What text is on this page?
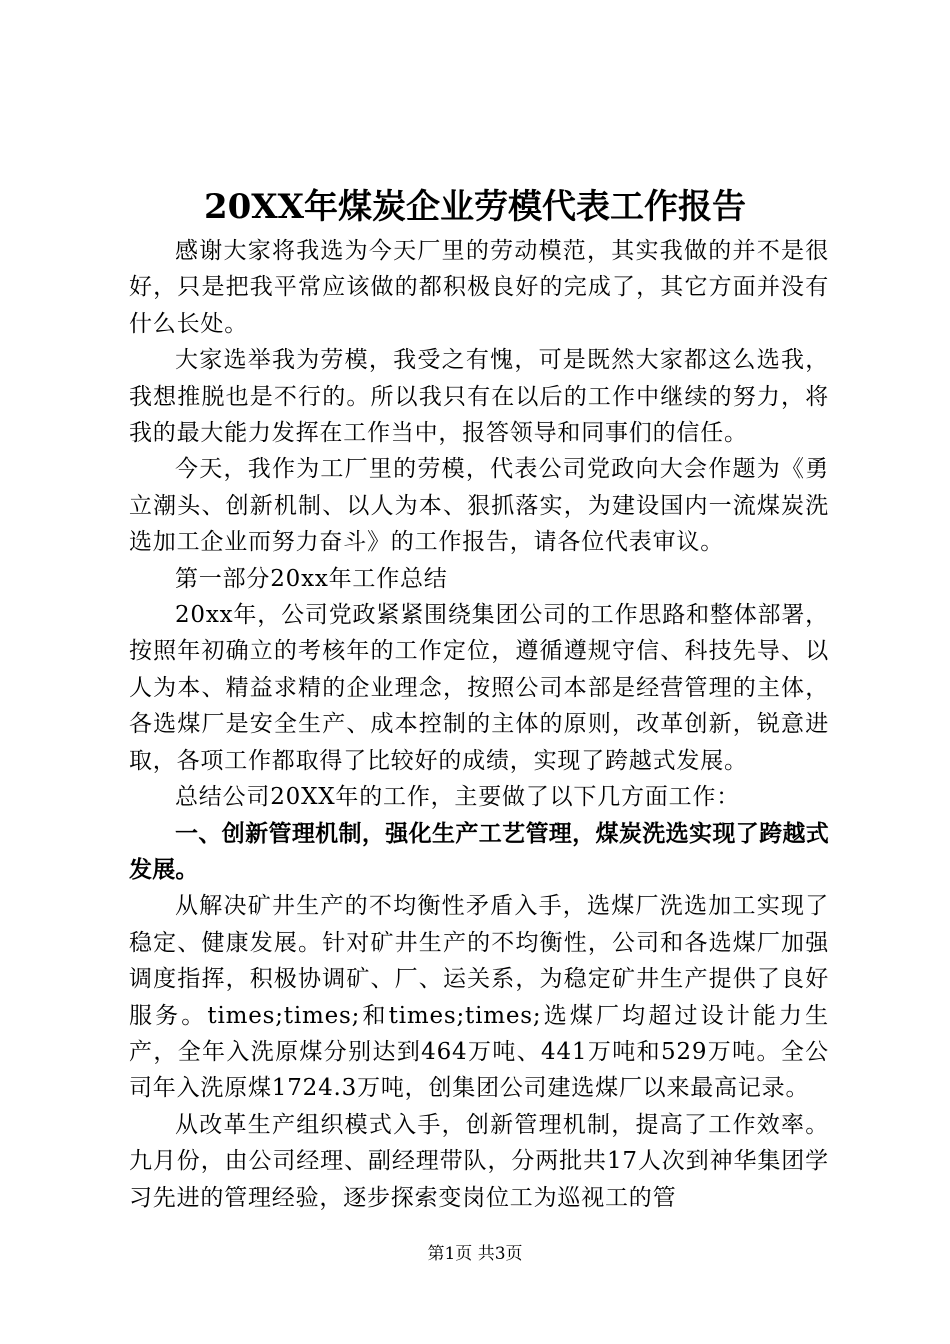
20XX年煤炭企业劳模代表工作报告

感谢大家将我选为今天厂里的劳动模范，其实我做的并不是很好，只是把我平常应该做的都积极良好的完成了，其它方面并没有什么长处。

大家选举我为劳模，我受之有愧，可是既然大家都这么选我，我想推脱也是不行的。所以我只有在以后的工作中继续的努力，将我的最大能力发挥在工作当中，报答领导和同事们的信任。

今天，我作为工厂里的劳模，代表公司党政向大会作题为《勇立潮头、创新机制、以人为本、狠抓落实，为建设国内一流煤炭洗选加工企业而努力奋斗》的工作报告，请各位代表审议。

第一部分20xx年工作总结

20xx年，公司党政紧紧围绕集团公司的工作思路和整体部署，按照年初确立的考核年的工作定位，遵循遵规守信、科技先导、以人为本、精益求精的企业理念，按照公司本部是经营管理的主体，各选煤厂是安全生产、成本控制的主体的原则，改革创新，锐意进取，各项工作都取得了比较好的成绩，实现了跨越式发展。

总结公司20XX年的工作，主要做了以下几方面工作：

一、创新管理机制，强化生产工艺管理，煤炭洗选实现了跨越式发展。

从解决矿井生产的不均衡性矛盾入手，选煤厂洗选加工实现了稳定、健康发展。针对矿井生产的不均衡性，公司和各选煤厂加强调度指挥，积极协调矿、厂、运关系，为稳定矿井生产提供了良好服务。times;times;和times;times;选煤厂均超过设计能力生产，全年入洗原煤分别达到464万吨、441万吨和529万吨。全公司年入洗原煤1724.3万吨，创集团公司建选煤厂以来最高记录。

从改革生产组织模式入手，创新管理机制，提高了工作效率。九月份，由公司经理、副经理带队，分两批共17人次到神华集团学习先进的管理经验，逐步探索变岗位工为巡视工的管

第1页 共3页
